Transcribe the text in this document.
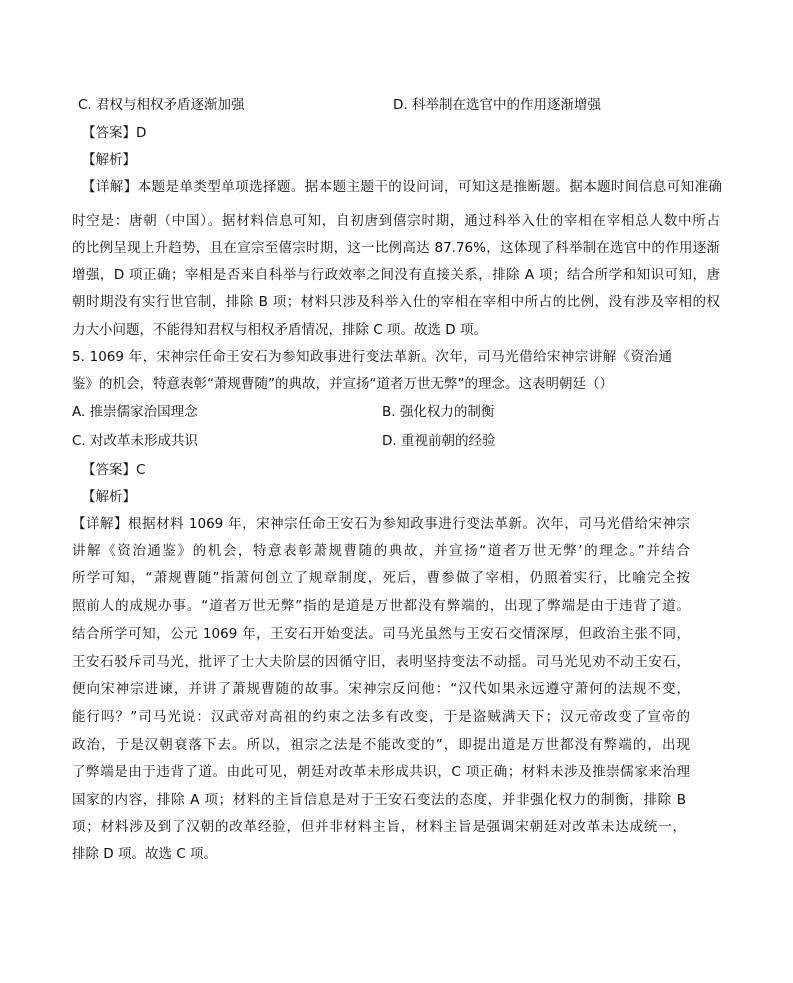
C. 君权与相权矛盾逐渐加强	D. 科举制在选官中的作用逐渐增强
【答案】D
【解析】
【详解】本题是单类型单项选择题。据本题主题干的设问词，可知这是推断题。据本题时间信息可知准确
时空是：唐朝（中国）。据材料信息可知，自初唐到僖宗时期，通过科举入仕的宰相在宰相总人数中所占
的比例呈现上升趋势，且在宣宗至僖宗时期，这一比例高达 87.76%，这体现了科举制在选官中的作用逐渐
增强，D 项正确；宰相是否来自科举与行政效率之间没有直接关系，排除 A 项；结合所学和知识可知，唐
朝时期没有实行世官制，排除 B 项；材料只涉及科举入仕的宰相在宰相中所占的比例，没有涉及宰相的权
力大小问题，不能得知君权与相权矛盾情况，排除 C 项。故选 D 项。
5. 1069 年，宋神宗任命王安石为参知政事进行变法革新。次年，司马光借给宋神宗讲解《资治通
鉴》的机会，特意表彰“萧规曹随”的典故，并宣扬“道者万世无弊”的理念。这表明朝廷（）
A. 推崇儒家治国理念	B. 强化权力的制衡
C. 对改革未形成共识	D. 重视前朝的经验
【答案】C
【解析】
【详解】根据材料 1069 年，宋神宗任命王安石为参知政事进行变法革新。次年，司马光借给宋神宗
讲解《资治通鉴》的机会，特意表彰萧规曹随的典故，并宣扬“道者万世无弊’的理念。”并结合
所学可知，“萧规曹随”指萧何创立了规章制度，死后，曹参做了宰相，仍照着实行，比喻完全按
照前人的成规办事。“道者万世无弊”指的是道是万世都没有弊端的，出现了弊端是由于违背了道。
结合所学可知，公元 1069 年，王安石开始变法。司马光虽然与王安石交情深厚，但政治主张不同，
王安石驳斥司马光，批评了士大夫阶层的因循守旧，表明坚持变法不动摇。司马光见劝不动王安石，
便向宋神宗进谏，并讲了萧规曹随的故事。宋神宗反问他：“汉代如果永远遵守萧何的法规不变，
能行吗？”司马光说：汉武帝对高祖的约束之法多有改变，于是盗贼满天下；汉元帝改变了宣帝的
政治，于是汉朝衰落下去。所以，祖宗之法是不能改变的”，即提出道是万世都没有弊端的，出现
了弊端是由于违背了道。由此可见，朝廷对改革未形成共识，C 项正确；材料未涉及推崇儒家来治理
国家的内容，排除 A 项；材料的主旨信息是对于王安石变法的态度，并非强化权力的制衡，排除 B
项；材料涉及到了汉朝的改革经验，但并非材料主旨，材料主旨是强调宋朝廷对改革未达成统一，
排除 D 项。故选 C 项。
